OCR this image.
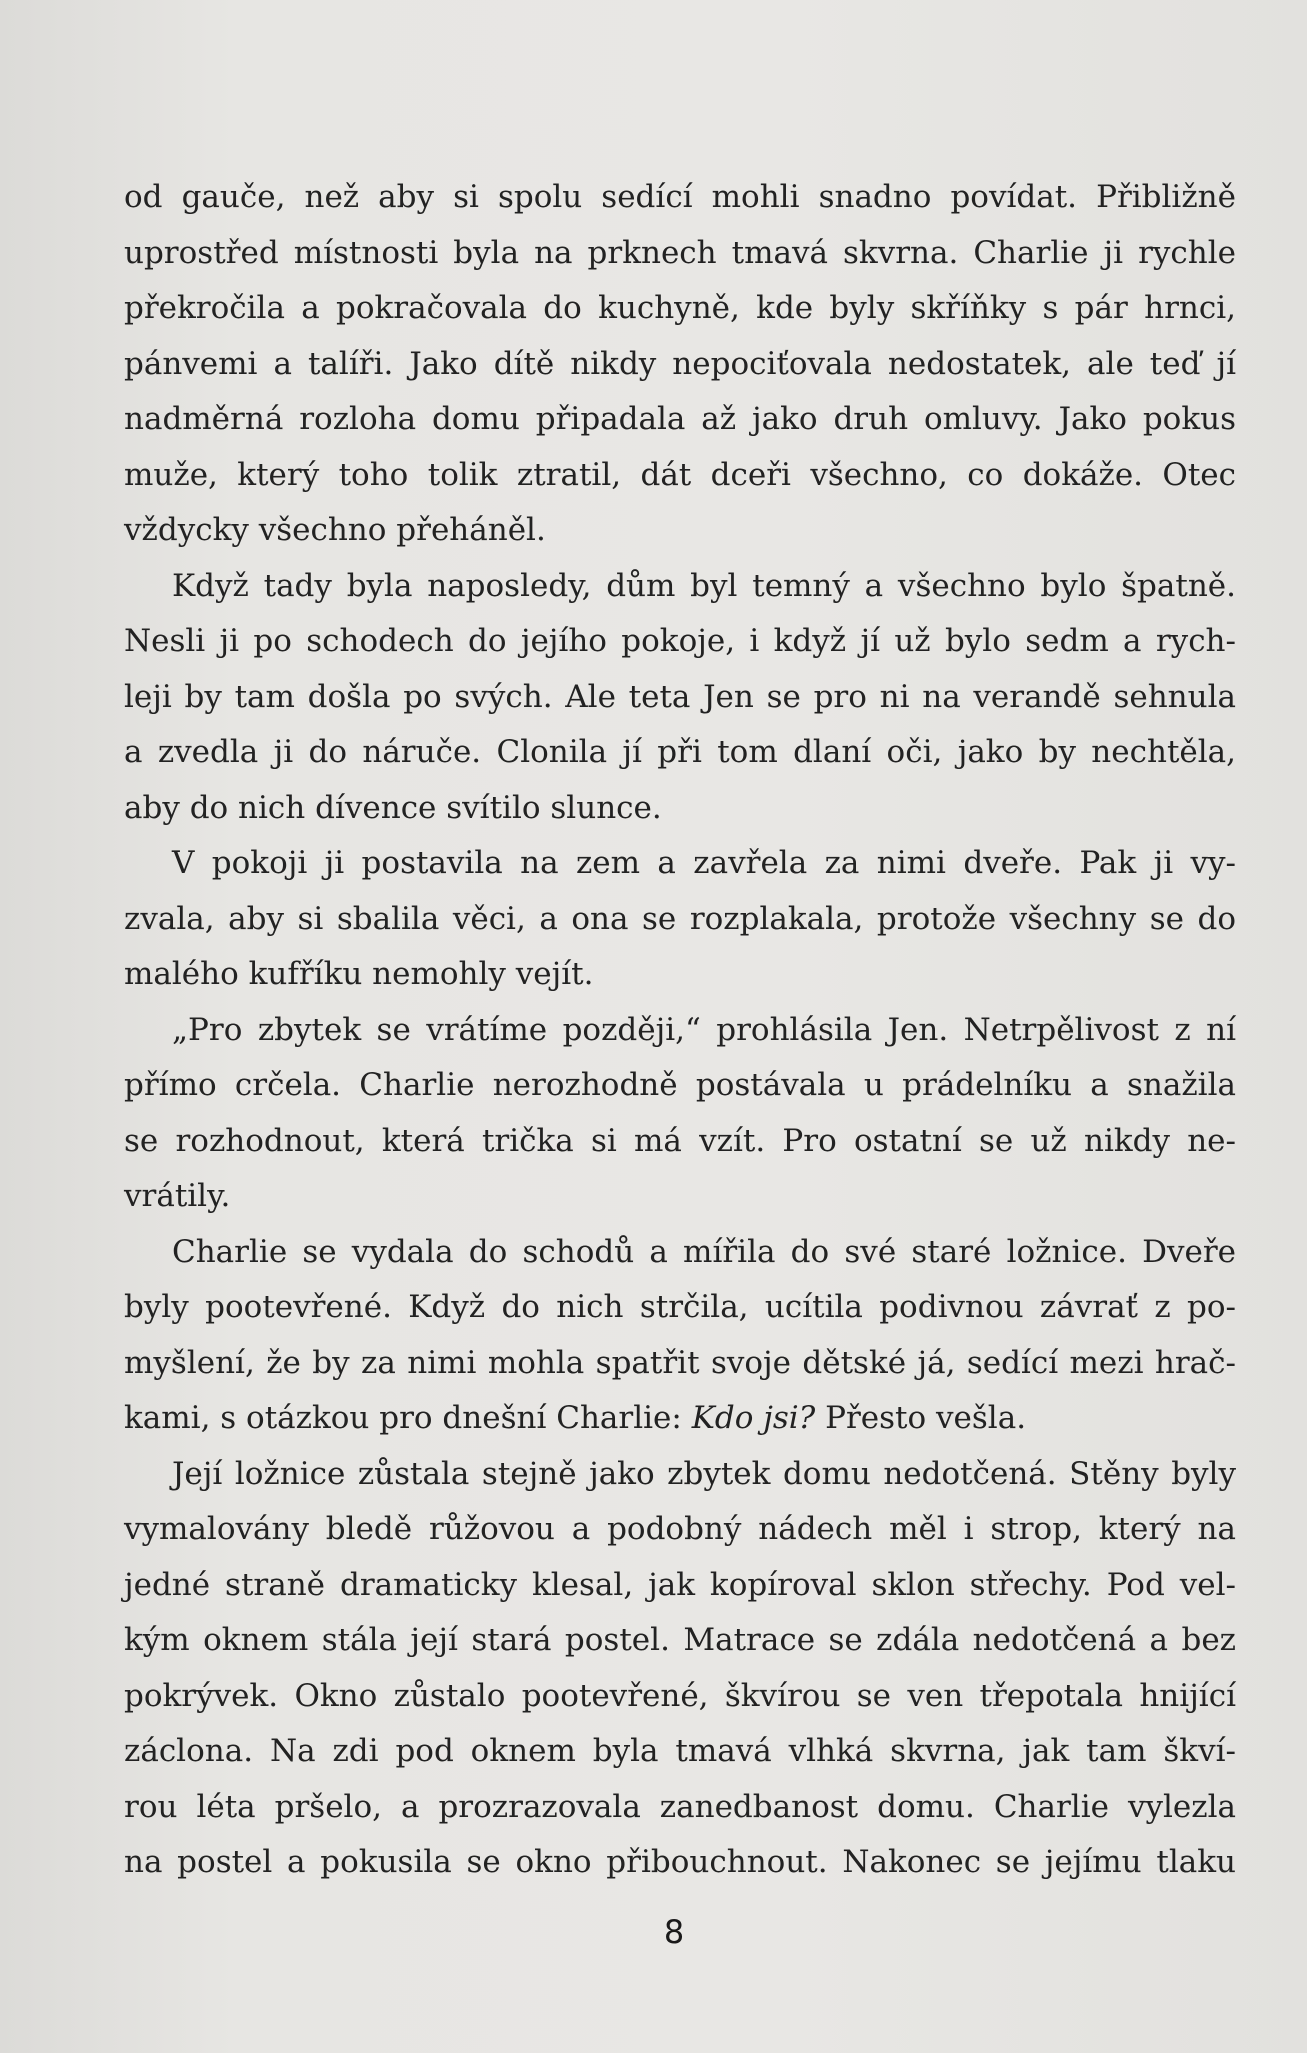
od gauče, než aby si spolu sedící mohli snadno povídat. Přibližně
uprostřed místnosti byla na prknech tmavá skvrna. Charlie ji rychle
překročila a pokračovala do kuchyně, kde byly skříňky s pár hrnci,
pánvemi a talíři. Jako dítě nikdy nepociťovala nedostatek, ale teď jí
nadměrná rozloha domu připadala až jako druh omluvy. Jako pokus
muže, který toho tolik ztratil, dát dceři všechno, co dokáže. Otec
vždycky všechno přeháněl.
Když tady byla naposledy, dům byl temný a všechno bylo špatně.
Nesli ji po schodech do jejího pokoje, i když jí už bylo sedm a rych-
leji by tam došla po svých. Ale teta Jen se pro ni na verandě sehnula
a zvedla ji do náruče. Clonila jí při tom dlaní oči, jako by nechtěla,
aby do nich dívence svítilo slunce.
V pokoji ji postavila na zem a zavřela za nimi dveře. Pak ji vy-
zvala, aby si sbalila věci, a ona se rozplakala, protože všechny se do
malého kufříku nemohly vejít.
„Pro zbytek se vrátíme později,“ prohlásila Jen. Netrpělivost z ní
přímo crčela. Charlie nerozhodně postávala u prádelníku a snažila
se rozhodnout, která trička si má vzít. Pro ostatní se už nikdy ne-
vrátily.
Charlie se vydala do schodů a mířila do své staré ložnice. Dveře
byly pootevřené. Když do nich strčila, ucítila podivnou závrať z po-
myšlení, že by za nimi mohla spatřit svoje dětské já, sedící mezi hrač-
kami, s otázkou pro dnešní Charlie: Kdo jsi? Přesto vešla.
Její ložnice zůstala stejně jako zbytek domu nedotčená. Stěny byly
vymalovány bledě růžovou a podobný nádech měl i strop, který na
jedné straně dramaticky klesal, jak kopíroval sklon střechy. Pod vel-
kým oknem stála její stará postel. Matrace se zdála nedotčená a bez
pokrývek. Okno zůstalo pootevřené, škvírou se ven třepotala hnijící
záclona. Na zdi pod oknem byla tmavá vlhká skvrna, jak tam škví-
rou léta pršelo, a prozrazovala zanedbanost domu. Charlie vylezla
na postel a pokusila se okno přibouchnout. Nakonec se jejímu tlaku
8
